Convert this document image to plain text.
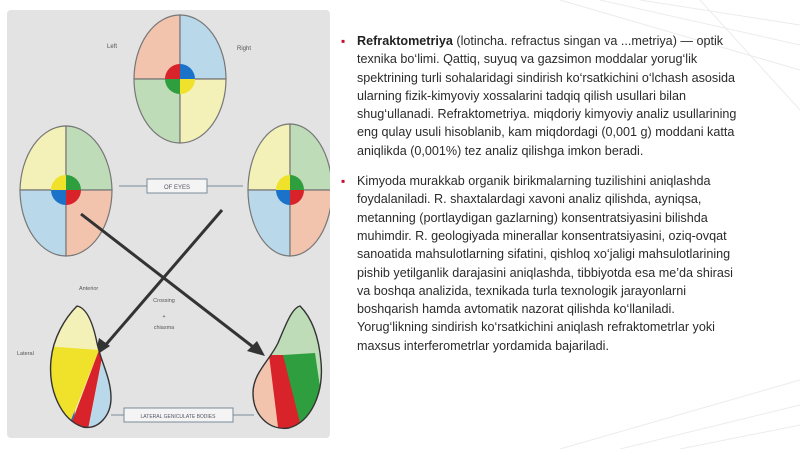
Left	Right
OF EYES
Crossing
+
chiasma
Anterior
Lateral
LATERAL GENICULATE BODIES

▪ Refraktometriya (lotincha. refractus singan va ...metriya) — optik texnika bo‘limi. Qattiq, suyuq va gazsimon moddalar yorug‘lik spektrining turli sohalaridagi sindirish ko‘rsatkichini o‘lchash asosida ularning fizik-kimyoviy xossalarini tadqiq qilish usullari bilan shug‘ullanadi. Refraktometriya. miqdoriy kimyoviy analiz usullarining eng qulay usuli hisoblanib, kam miqdordagi (0,001 g) moddani katta aniqlikda (0,001%) tez analiz qilishga imkon beradi.

▪ Kimyoda murakkab organik birikmalarning tuzilishini aniqlashda foydalaniladi. R. shaxtalardagi xavoni analiz qilishda, ayniqsa, metanning (portlaydigan gazlarning) konsentratsiyasini bilishda muhimdir. R. geologiyada minerallar konsentratsiyasini, oziq-ovqat sanoatida mahsulotlarning sifatini, qishloq xo‘jaligi mahsulotlarining pishib yetilganlik darajasini aniqlashda, tibbiyotda esa me’da shirasi va boshqa analizida, texnikada turla texnologik jarayonlarni boshqarish hamda avtomatik nazorat qilishda ko‘llaniladi. Yorug‘likning sindirish ko‘rsatkichini aniqlash refraktometrlar yoki maxsus interferometrlar yordamida bajariladi.
